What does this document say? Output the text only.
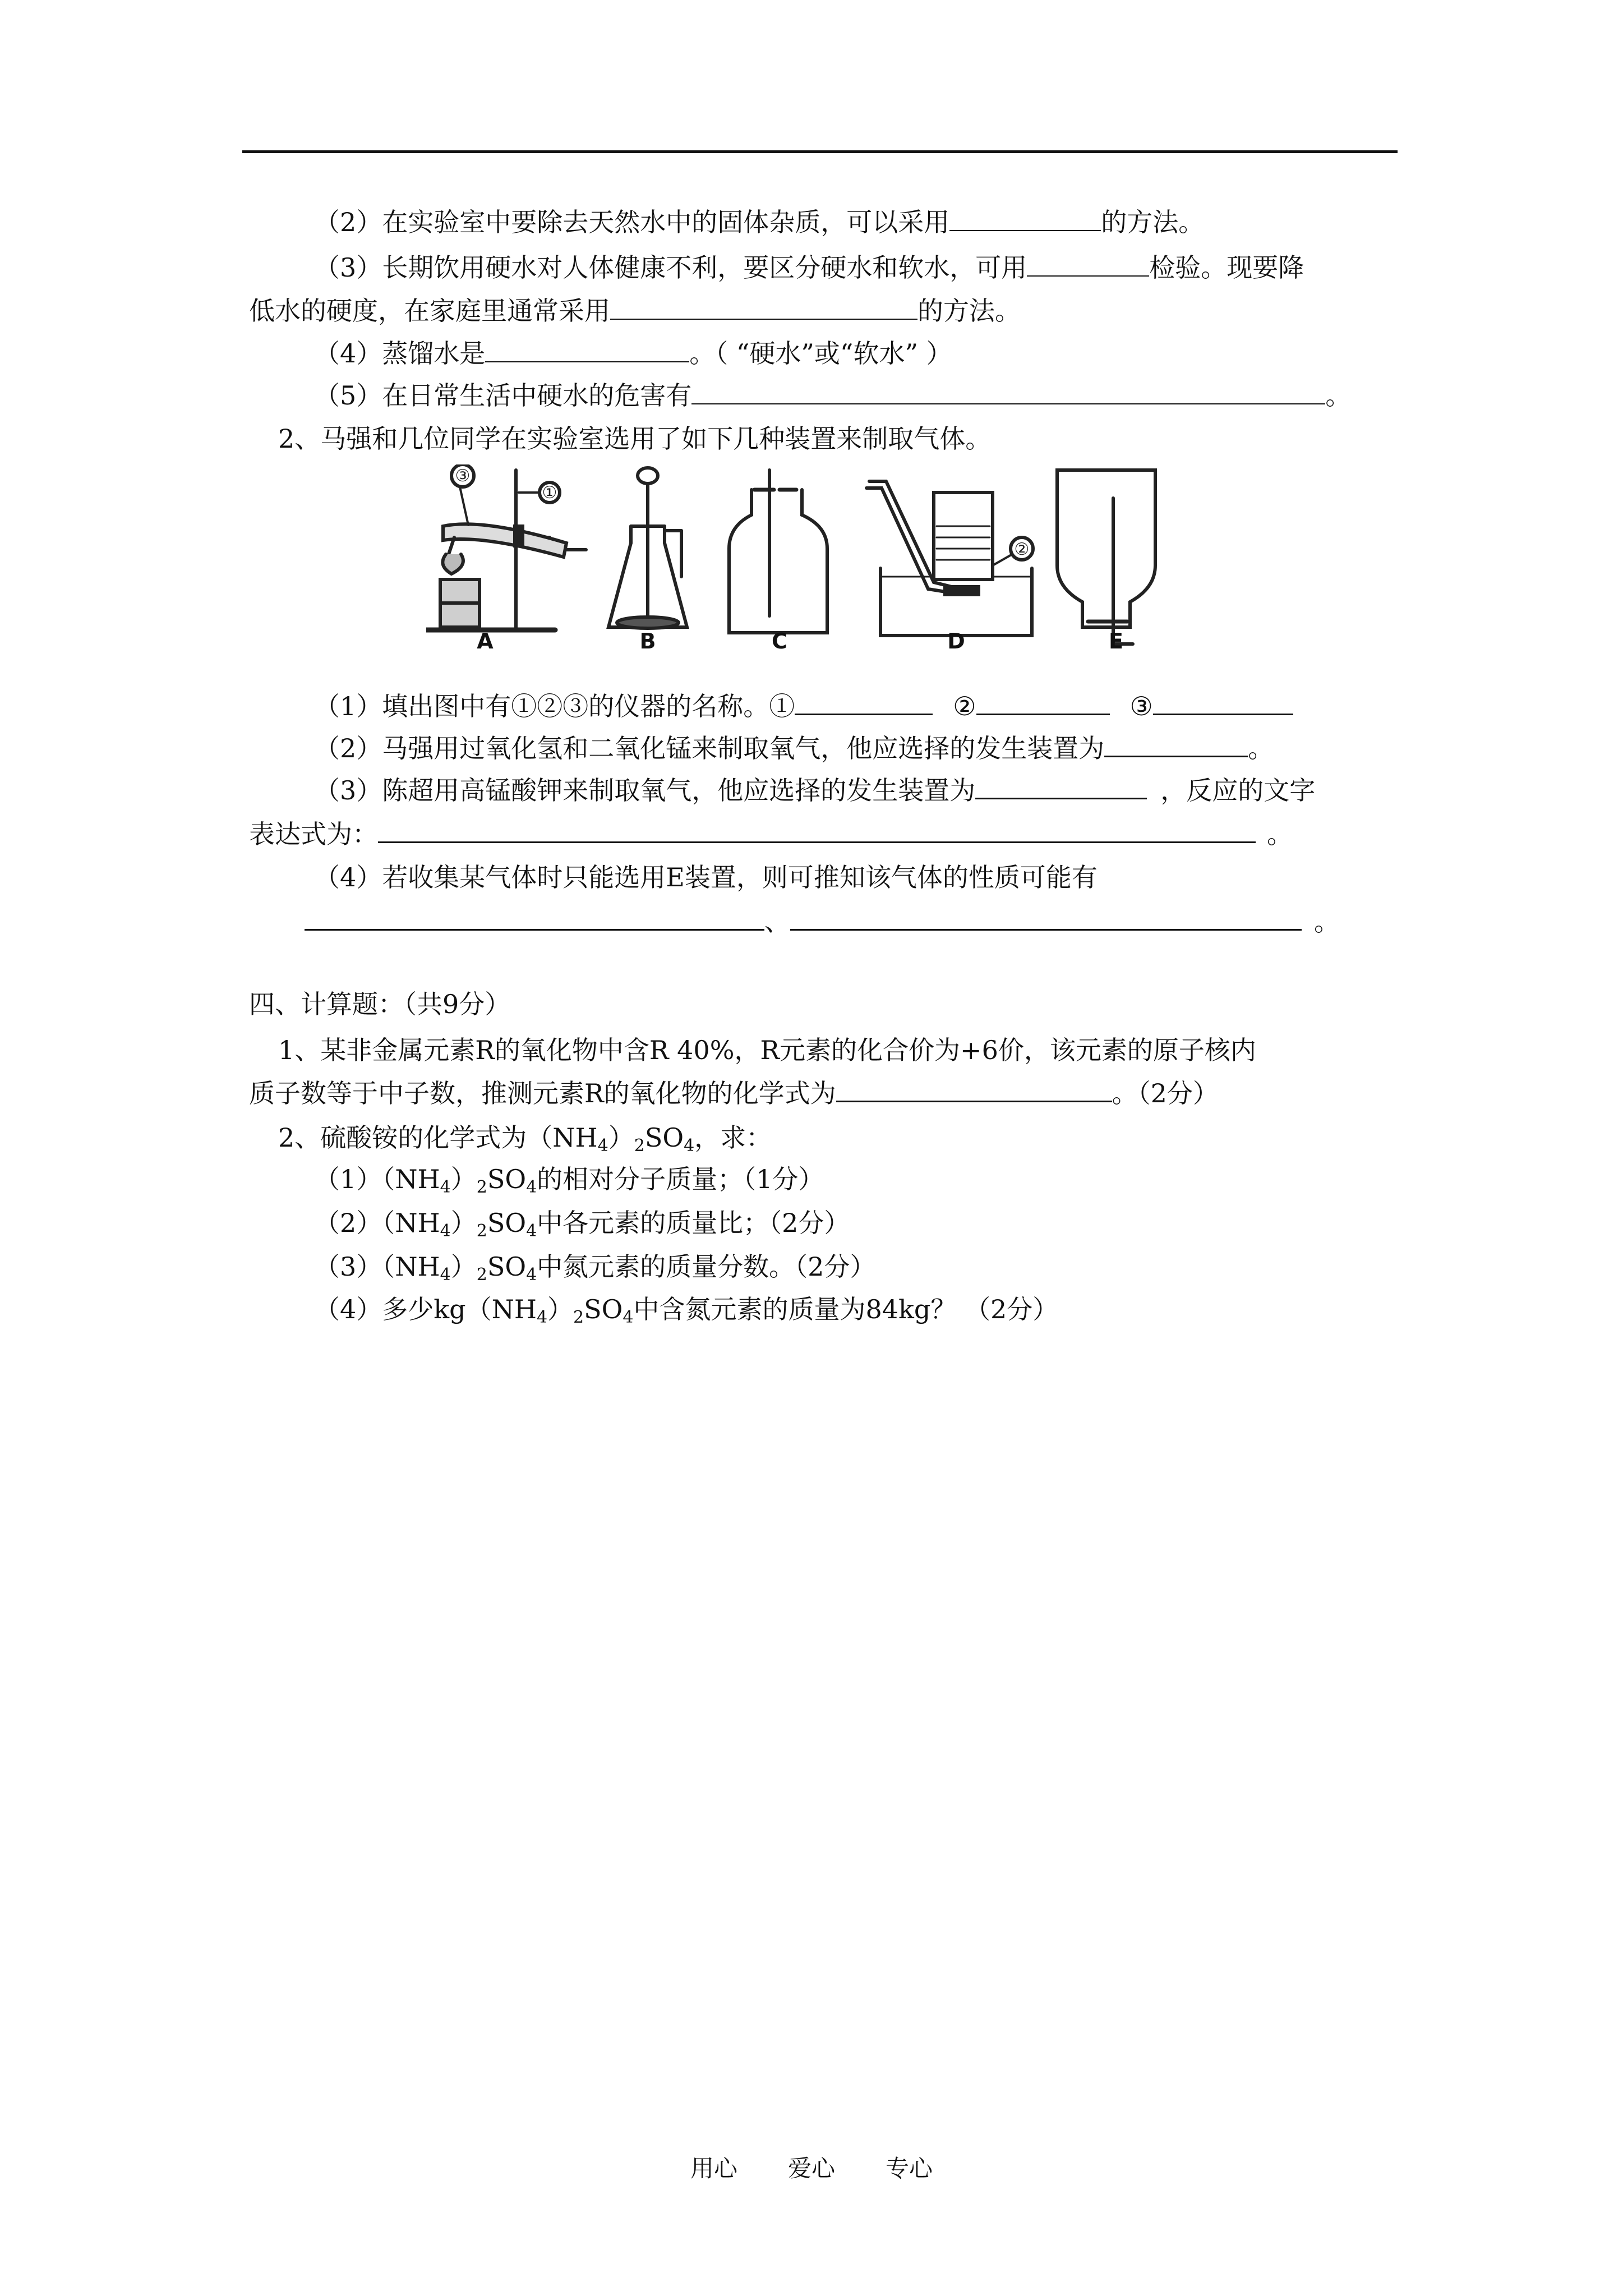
（2）在实验室中要除去天然水中的固体杂质，可以采用	的方法。
（3）长期饮用硬水对人体健康不利，要区分硬水和软水，可用	检验。现要降
低水的硬度，在家庭里通常采用	的方法。
（4）蒸馏水是	。（ “硬水”或“软水” ）
（5）在日常生活中硬水的危害有	。
2、马强和几位同学在实验室选用了如下几种装置来制取气体。
③
①
②
A	B	C	D	E
（1）填出图中有①②③的仪器的名称。①	②	③
（2）马强用过氧化氢和二氧化锰来制取氧气，他应选择的发生装置为	。
（3）陈超用高锰酸钾来制取氧气，他应选择的发生装置为	，反应的文字
表达式为：	。
（4）若收集某气体时只能选用E装置，则可推知该气体的性质可能有
、	。
四、计算题：（共9分）
1、某非金属元素R的氧化物中含R 40%，R元素的化合价为+6价，该元素的原子核内
质子数等于中子数，推测元素R的氧化物的化学式为	。（2分）
2、硫酸铵的化学式为$(NH_4)_2SO_4$，求：
$(1)(NH_4)_2SO_4$的相对分子质量；（1分）
$(2)(NH_4)_2SO_4$中各元素的质量比；（2分）
$(3)(NH_4)_2SO_4$中氮元素的质量分数。（2分）
（4）多少$kg(NH_4)_2SO_4$中含氮元素的质量为84kg？ （2分）
用心 爱心 专心
